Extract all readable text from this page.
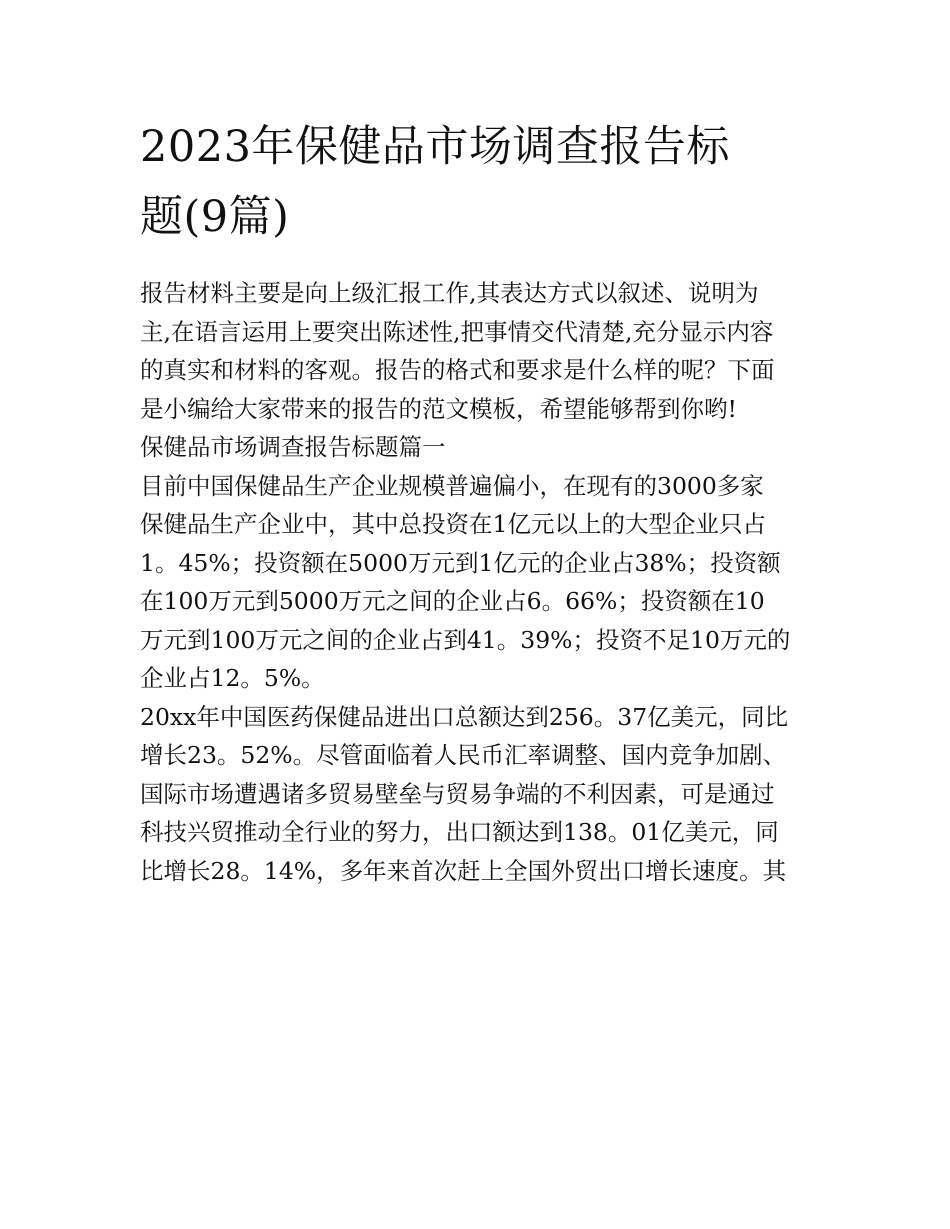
2023年保健品市场调查报告标
题(9篇)
报告材料主要是向上级汇报工作,其表达方式以叙述、说明为
主,在语言运用上要突出陈述性,把事情交代清楚,充分显示内容
的真实和材料的客观。报告的格式和要求是什么样的呢？下面
是小编给大家带来的报告的范文模板，希望能够帮到你哟!
保健品市场调查报告标题篇一
目前中国保健品生产企业规模普遍偏小，在现有的3000多家
保健品生产企业中，其中总投资在1亿元以上的大型企业只占
1。45%；投资额在5000万元到1亿元的企业占38%；投资额
在100万元到5000万元之间的企业占6。66%；投资额在10
万元到100万元之间的企业占到41。39%；投资不足10万元的
企业占12。5%。
20xx年中国医药保健品进出口总额达到256。37亿美元，同比
增长23。52%。尽管面临着人民币汇率调整、国内竞争加剧、
国际市场遭遇诸多贸易壁垒与贸易争端的不利因素，可是通过
科技兴贸推动全行业的努力，出口额达到138。01亿美元，同
比增长28。14%，多年来首次赶上全国外贸出口增长速度。其
